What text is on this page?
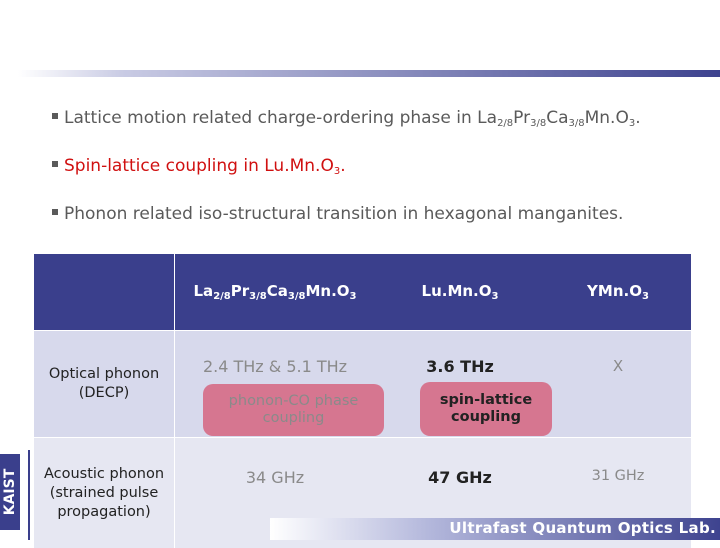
Lattice motion related charge-ordering phase in $La_{2/8}Pr_{3/8}Ca_{3/8}Mn.O_3$.
Spin-lattice coupling in $Lu.Mn.O_3$.
Phonon related iso-structural transition in hexagonal manganites.
	$La_{2/8}Pr_{3/8}Ca_{3/8}Mn.O_3$	$Lu.Mn.O_3$	$YMn.O_3$
Optical phonon (DECP)	2.4 THz & 5.1 THz	3.6 THz	X
Acoustic phonon (strained pulse propagation)	34 GHz	47 GHz	31 GHz
phonon-CO phase coupling
spin-lattice coupling
KAIST
Ultrafast Quantum Optics Lab.
